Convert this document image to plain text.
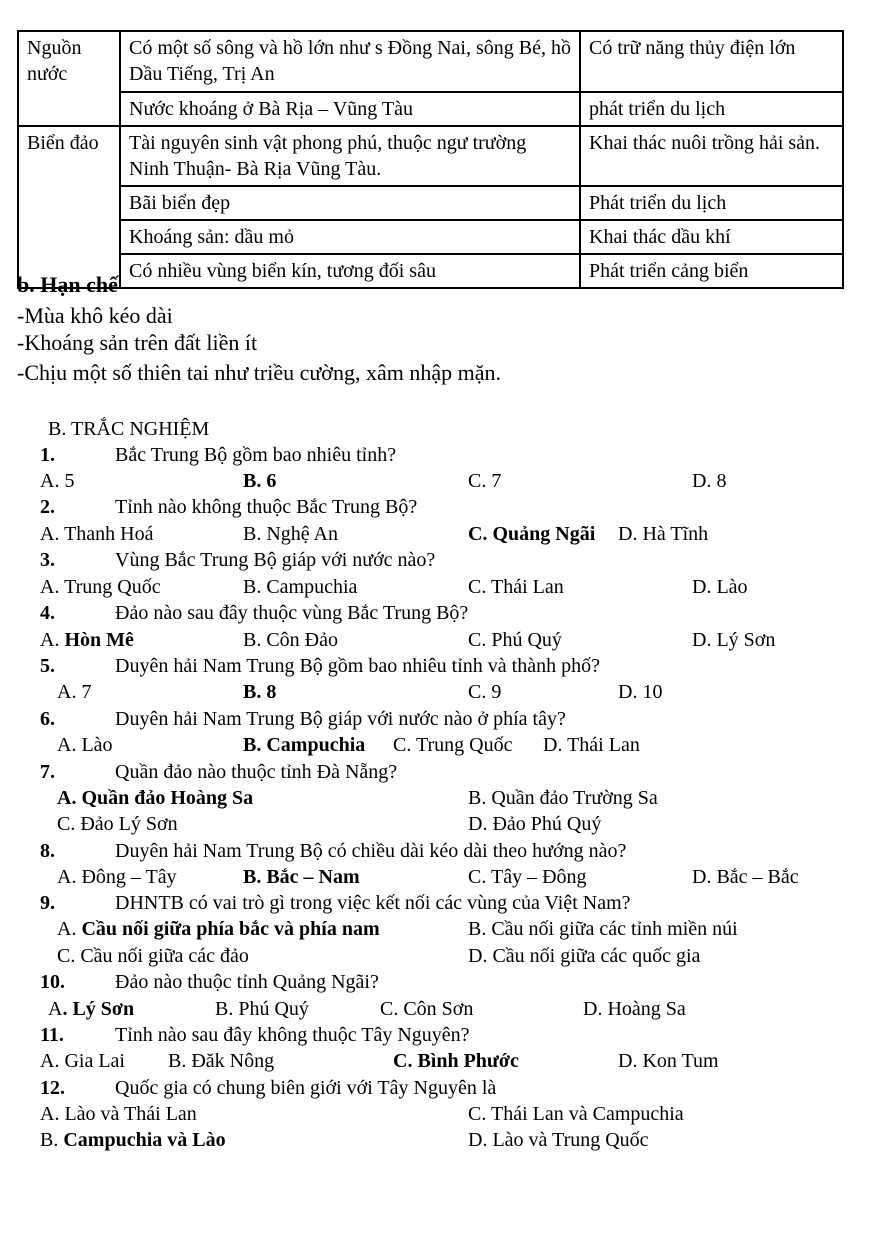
Nguồn nước	Có một số sông và hồ lớn như s Đồng Nai, sông Bé, hồ Dầu Tiếng, Trị An	Có trữ năng thủy điện lớn
	Nước khoáng ở Bà Rịa – Vũng Tàu	phát triển du lịch
Biển đảo	Tài nguyên sinh vật phong phú, thuộc ngư trường Ninh Thuận- Bà Rịa Vũng Tàu.	Khai thác nuôi trồng hải sản.
	Bãi biển đẹp	Phát triển du lịch
	Khoáng sản: dầu mỏ	Khai thác dầu khí
	Có nhiều vùng biển kín, tương đối sâu	Phát triển cảng biển
b. Hạn chế
-Mùa khô kéo dài
-Khoáng sản trên đất liền ít
-Chịu một số thiên tai như triều cường, xâm nhập mặn.
B. TRẮC NGHIỆM
1.	Bắc Trung Bộ gồm bao nhiêu tỉnh?
A. 5	B. 6	C. 7	D. 8
2.	Tỉnh nào không thuộc Bắc Trung Bộ?
A. Thanh Hoá	B. Nghệ An	C. Quảng Ngãi D. Hà Tĩnh
3.	Vùng Bắc Trung Bộ giáp với nước nào?
A. Trung Quốc	B. Campuchia	C. Thái Lan	D. Lào
4.	Đảo nào sau đây thuộc vùng Bắc Trung Bộ?
A. Hòn Mê	B. Côn Đảo	C. Phú Quý	D. Lý Sơn
5.	Duyên hải Nam Trung Bộ gồm bao nhiêu tỉnh và thành phố?
A. 7	B. 8	C. 9	D. 10
6.	Duyên hải Nam Trung Bộ giáp với nước nào ở phía tây?
A. Lào	B. Campuchia C. Trung Quốc D. Thái Lan
7.	Quần đảo nào thuộc tỉnh Đà Nẵng?
A. Quần đảo Hoàng Sa	B. Quần đảo Trường Sa
C. Đảo Lý Sơn	D. Đảo Phú Quý
8.	Duyên hải Nam Trung Bộ có chiều dài kéo dài theo hướng nào?
A. Đông – Tây	B. Bắc – Nam	C. Tây – Đông	D. Bắc – Bắc
9.	DHNTB có vai trò gì trong việc kết nối các vùng của Việt Nam?
A. Cầu nối giữa phía bắc và phía nam	B. Cầu nối giữa các tỉnh miền núi
C. Cầu nối giữa các đảo	D. Cầu nối giữa các quốc gia
10.	Đảo nào thuộc tỉnh Quảng Ngãi?
A. Lý Sơn	B. Phú Quý	C. Côn Sơn	D. Hoàng Sa
11.	Tỉnh nào sau đây không thuộc Tây Nguyên?
A. Gia Lai B. Đăk Nông	C. Bình Phước	D. Kon Tum
12.	Quốc gia có chung biên giới với Tây Nguyên là
A. Lào và Thái Lan	C. Thái Lan và Campuchia
B. Campuchia và Lào	D. Lào và Trung Quốc
